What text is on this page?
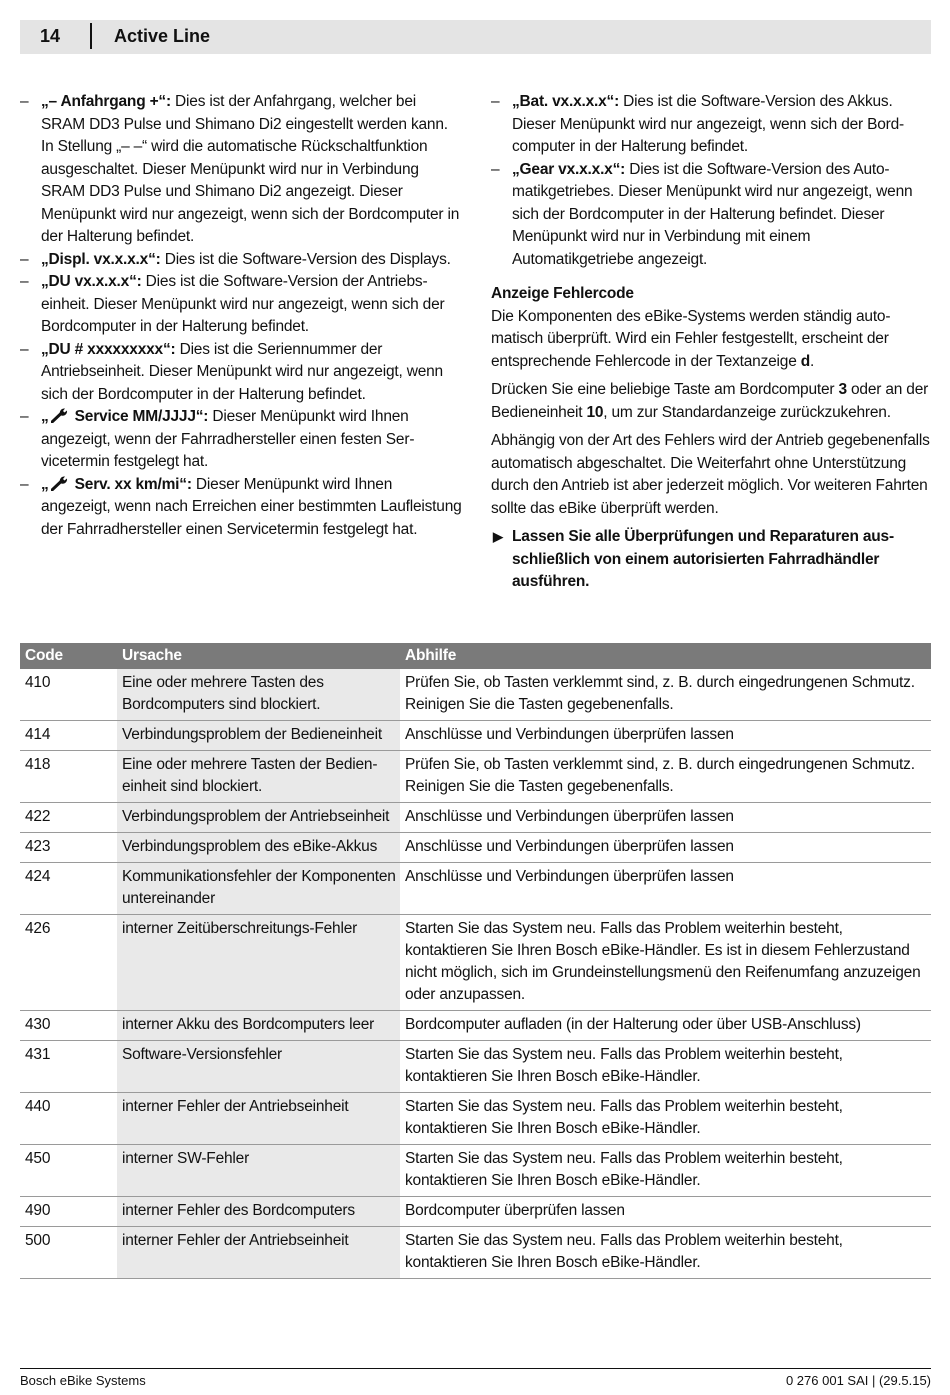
14	Active Line
– „– Anfahrgang +“: Dies ist der Anfahrgang, welcher bei SRAM DD3 Pulse und Shimano Di2 eingestellt werden kann. In Stellung „– –“ wird die automatische Rückschaltfunktion ausgeschaltet. Dieser Menüpunkt wird nur in Verbindung SRAM DD3 Pulse und Shimano Di2 angezeigt. Dieser Menüpunkt wird nur angezeigt, wenn sich der Bordcomputer in der Halterung befindet.
– „Displ. vx.x.x.x“: Dies ist die Software-Version des Displays.
– „DU vx.x.x.x“: Dies ist die Software-Version der Antriebseinheit. Dieser Menüpunkt wird nur angezeigt, wenn sich der Bordcomputer in der Halterung befindet.
– „DU # xxxxxxxxx“: Dies ist die Seriennummer der Antriebseinheit. Dieser Menüpunkt wird nur angezeigt, wenn sich der Bordcomputer in der Halterung befindet.
– „ Service MM/JJJJ“: Dieser Menüpunkt wird Ihnen angezeigt, wenn der Fahrradhersteller einen festen Servicetermin festgelegt hat.
– „ Serv. xx km/mi“: Dieser Menüpunkt wird Ihnen angezeigt, wenn nach Erreichen einer bestimmten Laufleistung der Fahrradhersteller einen Servicetermin festgelegt hat.
– „Bat. vx.x.x.x“: Dies ist die Software-Version des Akkus. Dieser Menüpunkt wird nur angezeigt, wenn sich der Bordcomputer in der Halterung befindet.
– „Gear vx.x.x.x“: Dies ist die Software-Version des Automatikgetriebes. Dieser Menüpunkt wird nur angezeigt, wenn sich der Bordcomputer in der Halterung befindet. Dieser Menüpunkt wird nur in Verbindung mit einem Automatikgetriebe angezeigt.
Anzeige Fehlercode
Die Komponenten des eBike-Systems werden ständig automatisch überprüft. Wird ein Fehler festgestellt, erscheint der entsprechende Fehlercode in der Textanzeige d.
Drücken Sie eine beliebige Taste am Bordcomputer 3 oder an der Bedieneinheit 10, um zur Standardanzeige zurückzukehren.
Abhängig von der Art des Fehlers wird der Antrieb gegebenenfalls automatisch abgeschaltet. Die Weiterfahrt ohne Unterstützung durch den Antrieb ist aber jederzeit möglich. Vor weiteren Fahrten sollte das eBike überprüft werden.
▶ Lassen Sie alle Überprüfungen und Reparaturen ausschließlich von einem autorisierten Fahrradhändler ausführen.
Code	Ursache	Abhilfe
410	Eine oder mehrere Tasten des Bordcomputers sind blockiert.	Prüfen Sie, ob Tasten verklemmt sind, z. B. durch eingedrungenen Schmutz. Reinigen Sie die Tasten gegebenenfalls.
414	Verbindungsproblem der Bedieneinheit	Anschlüsse und Verbindungen überprüfen lassen
418	Eine oder mehrere Tasten der Bedieneinheit sind blockiert.	Prüfen Sie, ob Tasten verklemmt sind, z. B. durch eingedrungenen Schmutz. Reinigen Sie die Tasten gegebenenfalls.
422	Verbindungsproblem der Antriebseinheit	Anschlüsse und Verbindungen überprüfen lassen
423	Verbindungsproblem des eBike-Akkus	Anschlüsse und Verbindungen überprüfen lassen
424	Kommunikationsfehler der Komponenten untereinander	Anschlüsse und Verbindungen überprüfen lassen
426	interner Zeitüberschreitungs-Fehler	Starten Sie das System neu. Falls das Problem weiterhin besteht, kontaktieren Sie Ihren Bosch eBike-Händler. Es ist in diesem Fehlerzustand nicht möglich, sich im Grundeinstellungsmenü den Reifenumfang anzuzeigen oder anzupassen.
430	interner Akku des Bordcomputers leer	Bordcomputer aufladen (in der Halterung oder über USB-Anschluss)
431	Software-Versionsfehler	Starten Sie das System neu. Falls das Problem weiterhin besteht, kontaktieren Sie Ihren Bosch eBike-Händler.
440	interner Fehler der Antriebseinheit	Starten Sie das System neu. Falls das Problem weiterhin besteht, kontaktieren Sie Ihren Bosch eBike-Händler.
450	interner SW-Fehler	Starten Sie das System neu. Falls das Problem weiterhin besteht, kontaktieren Sie Ihren Bosch eBike-Händler.
490	interner Fehler des Bordcomputers	Bordcomputer überprüfen lassen
500	interner Fehler der Antriebseinheit	Starten Sie das System neu. Falls das Problem weiterhin besteht, kontaktieren Sie Ihren Bosch eBike-Händler.
Bosch eBike Systems	0 276 001 SAI | (29.5.15)
